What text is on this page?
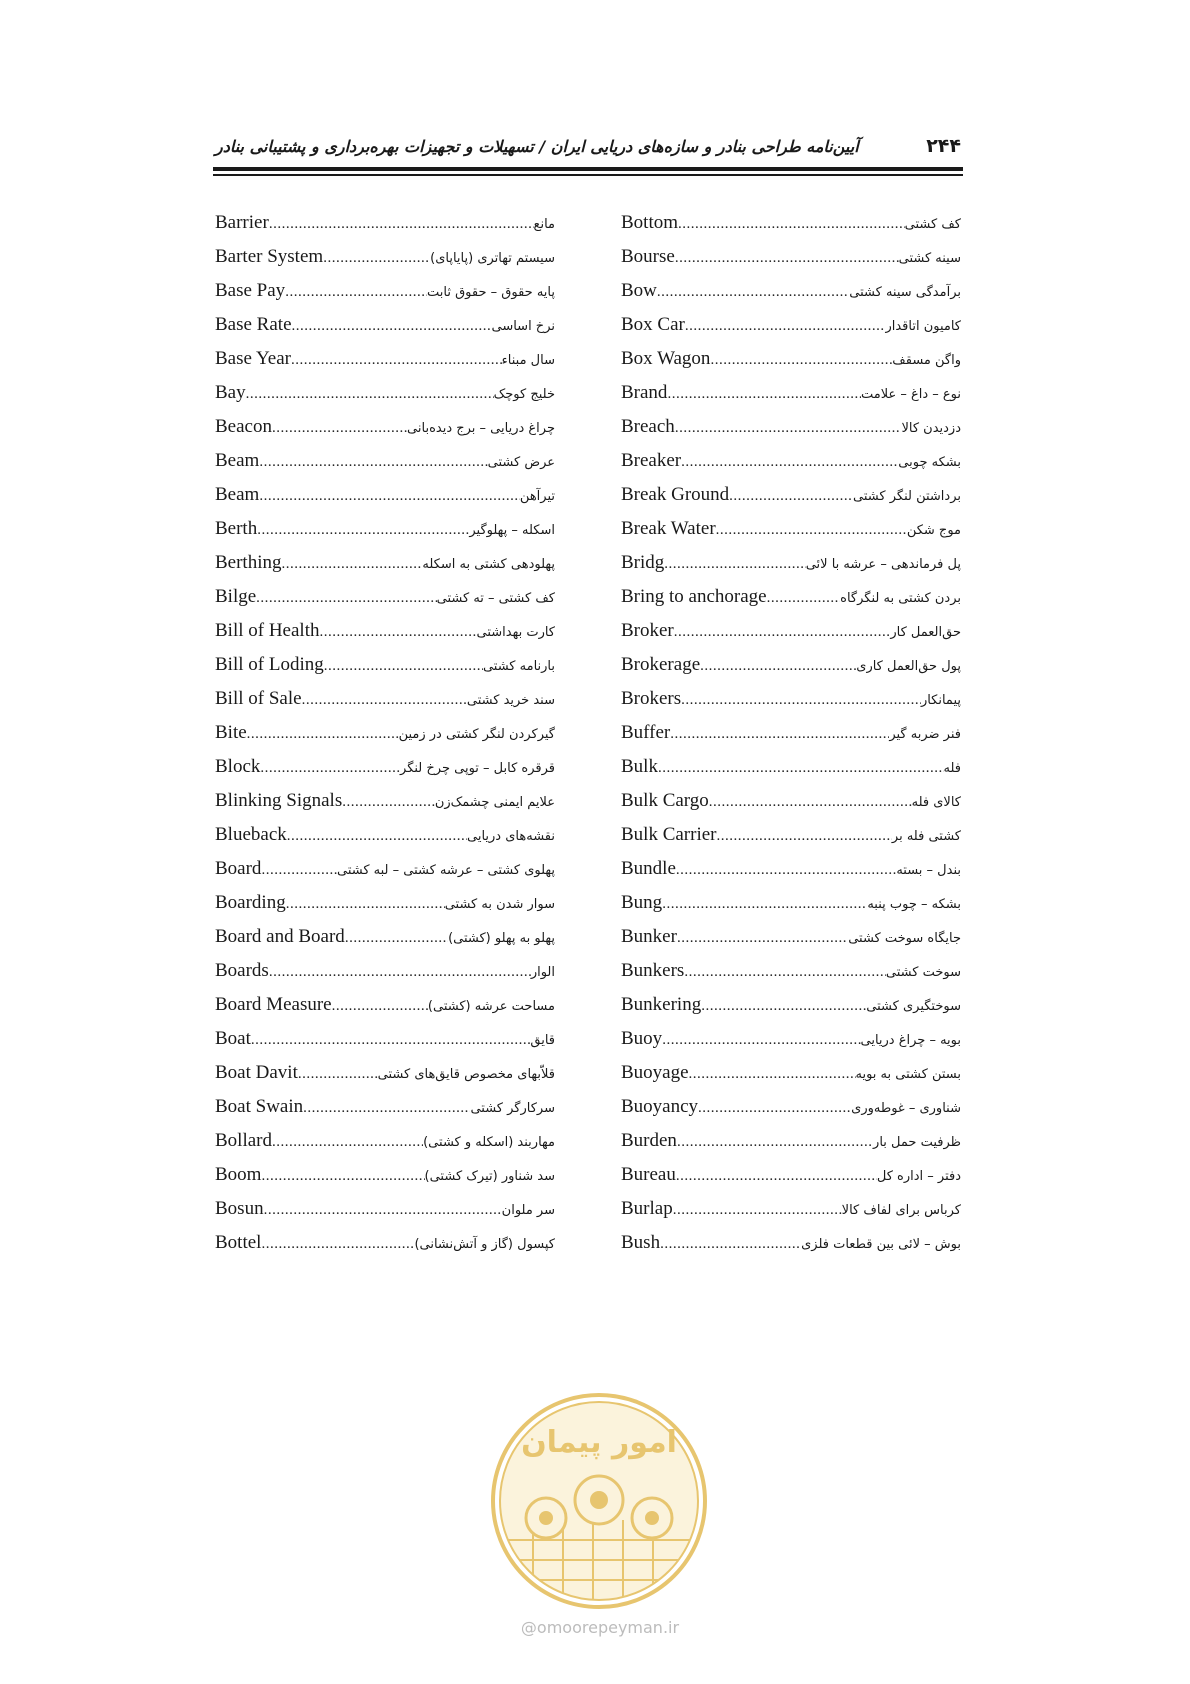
۲۴۴
آیین‌نامه طراحی بنادر و سازه‌های دریایی ایران / تسهیلات و تجهیزات بهره‌برداری و پشتیبانی بنادر
Barrier .....	مانع
Barter System .....	سیستم تهاتری (پایاپای)
Base Pay .....	پایه حقوق – حقوق ثابت
Base Rate .....	نرخ اساسی
Base Year .....	سال مبناء
Bay .....	خلیج کوچک
Beacon .....	چراغ دریایی – برج دیده‌بانی
Beam .....	عرض کشتی
Beam .....	تیرآهن
Berth .....	اسکله – پهلوگیر
Berthing .....	پهلودهی کشتی به اسکله
Bilge .....	کف کشتی – ته کشتی
Bill of Health .....	کارت بهداشتی
Bill of Loding .....	بارنامه کشتی
Bill of Sale .....	سند خرید کشتی
Bite .....	گیرکردن لنگر کشتی در زمین
Block .....	قرقره کابل – توپی چرخ لنگر
Blinking Signals .....	علایم ایمنی چشمک‌زن
Blueback .....	نقشه‌های دریایی
Board .....	پهلوی کشتی – عرشه کشتی – لبه کشتی
Boarding .....	سوار شدن به کشتی
Board and Board .....	پهلو به پهلو (کشتی)
Boards .....	الوار
Board Measure .....	مساحت عرشه (کشتی)
Boat .....	قایق
Boat Davit .....	قلاّبهای مخصوص قایق‌های کشتی
Boat Swain .....	سرکارگر کشتی
Bollard .....	مهاربند (اسکله و کشتی)
Boom .....	سد شناور (تیرک کشتی)
Bosun .....	سر ملوان
Bottel .....	کپسول (گاز و آتش‌نشانی)
Bottom .....	کف کشتی
Bourse .....	سینه کشتی
Bow .....	برآمدگی سینه کشتی
Box Car .....	کامیون اتاقدار
Box Wagon .....	واگن مسقف
Brand .....	نوع – داغ – علامت
Breach .....	دزدیدن کالا
Breaker .....	بشکه چوبی
Break Ground .....	برداشتن لنگر کشتی
Break Water .....	موج شکن
Bridg .....	پل فرماندهی – عرشه با لائی
Bring to anchorage .....	بردن کشتی به لنگرگاه
Broker .....	حق‌العمل کار
Brokerage .....	پول حق‌العمل کاری
Brokers .....	پیمانکار
Buffer .....	فنر ضربه گیر
Bulk .....	فله
Bulk Cargo .....	کالای فله
Bulk Carrier .....	کشتی فله بر
Bundle .....	بندل – بسته
Bung .....	بشکه – چوب پنبه
Bunker .....	جایگاه سوخت کشتی
Bunkers .....	سوخت کشتی
Bunkering .....	سوختگیری کشتی
Buoy .....	بویه – چراغ دریایی
Buoyage .....	بستن کشتی به بویه
Buoyancy .....	شناوری – غوطه‌وری
Burden .....	ظرفیت حمل بار
Bureau .....	دفتر – اداره کل
Burlap .....	کرباس برای لفاف کالا
Bush .....	بوش – لائی بین قطعات فلزی
امور پیمان
@omoorepeyman.ir
